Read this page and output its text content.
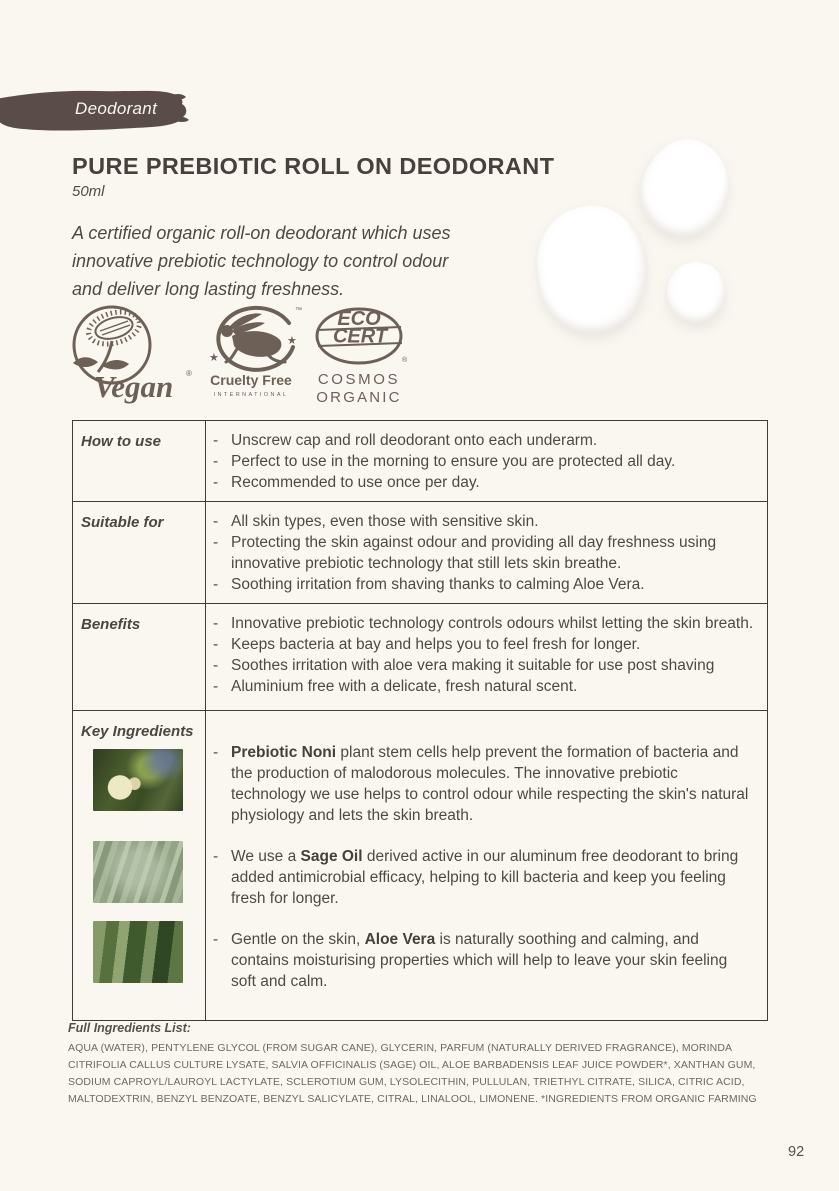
Deodorant
PURE PREBIOTIC ROLL ON DEODORANT
50ml
A certified organic roll-on deodorant which uses
innovative prebiotic technology to control odour
and deliver long lasting freshness.
Vegan ®
★
★
™
Cruelty Free
INTERNATIONAL
ECO
CERT
®
COSMOS
ORGANIC
How to use	- Unscrew cap and roll deodorant onto each underarm.
- Perfect to use in the morning to ensure you are protected all day.
- Recommended to use once per day.
Suitable for	- All skin types, even those with sensitive skin.
- Protecting the skin against odour and providing all day freshness using innovative prebiotic technology that still lets skin breathe.
- Soothing irritation from shaving thanks to calming Aloe Vera.
Benefits	- Innovative prebiotic technology controls odours whilst letting the skin breath.
- Keeps bacteria at bay and helps you to feel fresh for longer.
- Soothes irritation with aloe vera making it suitable for use post shaving
- Aluminium free with a delicate, fresh natural scent.
Key Ingredients
- Prebiotic Noni plant stem cells help prevent the formation of bacteria and the production of malodorous molecules. The innovative prebiotic technology we use helps to control odour while respecting the skin's natural physiology and lets the skin breath.
- We use a Sage Oil derived active in our aluminum free deodorant to bring added antimicrobial efficacy, helping to kill bacteria and keep you feeling fresh for longer.
- Gentle on the skin, Aloe Vera is naturally soothing and calming, and contains moisturising properties which will help to leave your skin feeling soft and calm.
Full Ingredients List:
AQUA (WATER), PENTYLENE GLYCOL (FROM SUGAR CANE), GLYCERIN, PARFUM (NATURALLY DERIVED FRAGRANCE), MORINDA CITRIFOLIA CALLUS CULTURE LYSATE, SALVIA OFFICINALIS (SAGE) OIL, ALOE BARBADENSIS LEAF JUICE POWDER*, XANTHAN GUM, SODIUM CAPROYL/LAUROYL LACTYLATE, SCLEROTIUM GUM, LYSOLECITHIN, PULLULAN, TRIETHYL CITRATE, SILICA, CITRIC ACID, MALTODEXTRIN, BENZYL BENZOATE, BENZYL SALICYLATE, CITRAL, LINALOOL, LIMONENE. *INGREDIENTS FROM ORGANIC FARMING
92
